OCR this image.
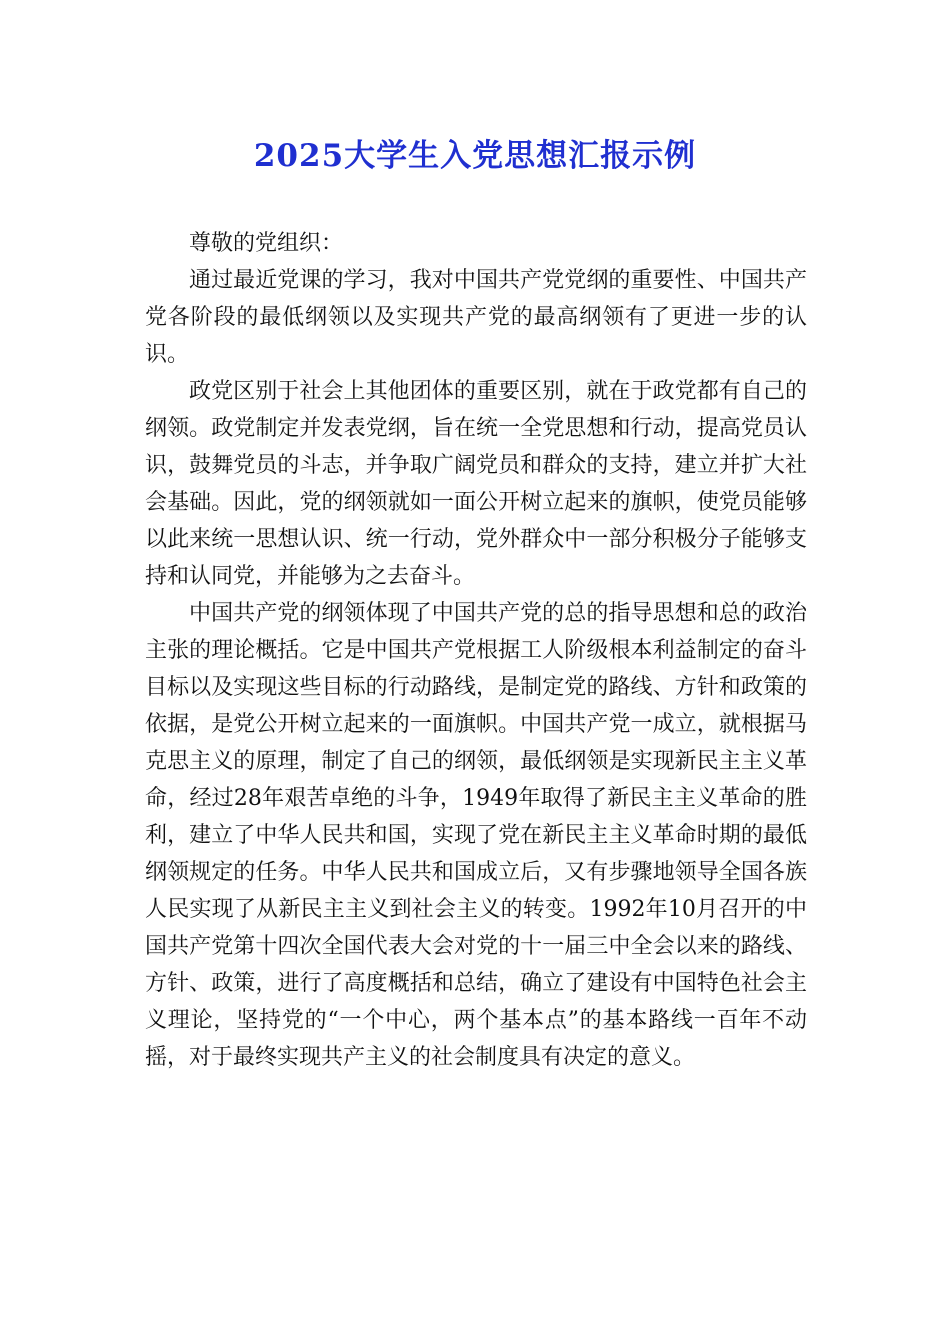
2025大学生入党思想汇报示例

尊敬的党组织：

通过最近党课的学习，我对中国共产党党纲的重要性、中国共产党各阶段的最低纲领以及实现共产党的最高纲领有了更进一步的认识。

政党区别于社会上其他团体的重要区别，就在于政党都有自己的纲领。政党制定并发表党纲，旨在统一全党思想和行动，提高党员认识，鼓舞党员的斗志，并争取广阔党员和群众的支持，建立并扩大社会基础。因此，党的纲领就如一面公开树立起来的旗帜，使党员能够以此来统一思想认识、统一行动，党外群众中一部分积极分子能够支持和认同党，并能够为之去奋斗。

中国共产党的纲领体现了中国共产党的总的指导思想和总的政治主张的理论概括。它是中国共产党根据工人阶级根本利益制定的奋斗目标以及实现这些目标的行动路线，是制定党的路线、方针和政策的依据，是党公开树立起来的一面旗帜。中国共产党一成立，就根据马克思主义的原理，制定了自己的纲领，最低纲领是实现新民主主义革命，经过28年艰苦卓绝的斗争，1949年取得了新民主主义革命的胜利，建立了中华人民共和国，实现了党在新民主主义革命时期的最低纲领规定的任务。中华人民共和国成立后，又有步骤地领导全国各族人民实现了从新民主主义到社会主义的转变。1992年10月召开的中国共产党第十四次全国代表大会对党的十一届三中全会以来的路线、方针、政策，进行了高度概括和总结，确立了建设有中国特色社会主义理论，坚持党的“一个中心，两个基本点”的基本路线一百年不动摇，对于最终实现共产主义的社会制度具有决定的意义。
